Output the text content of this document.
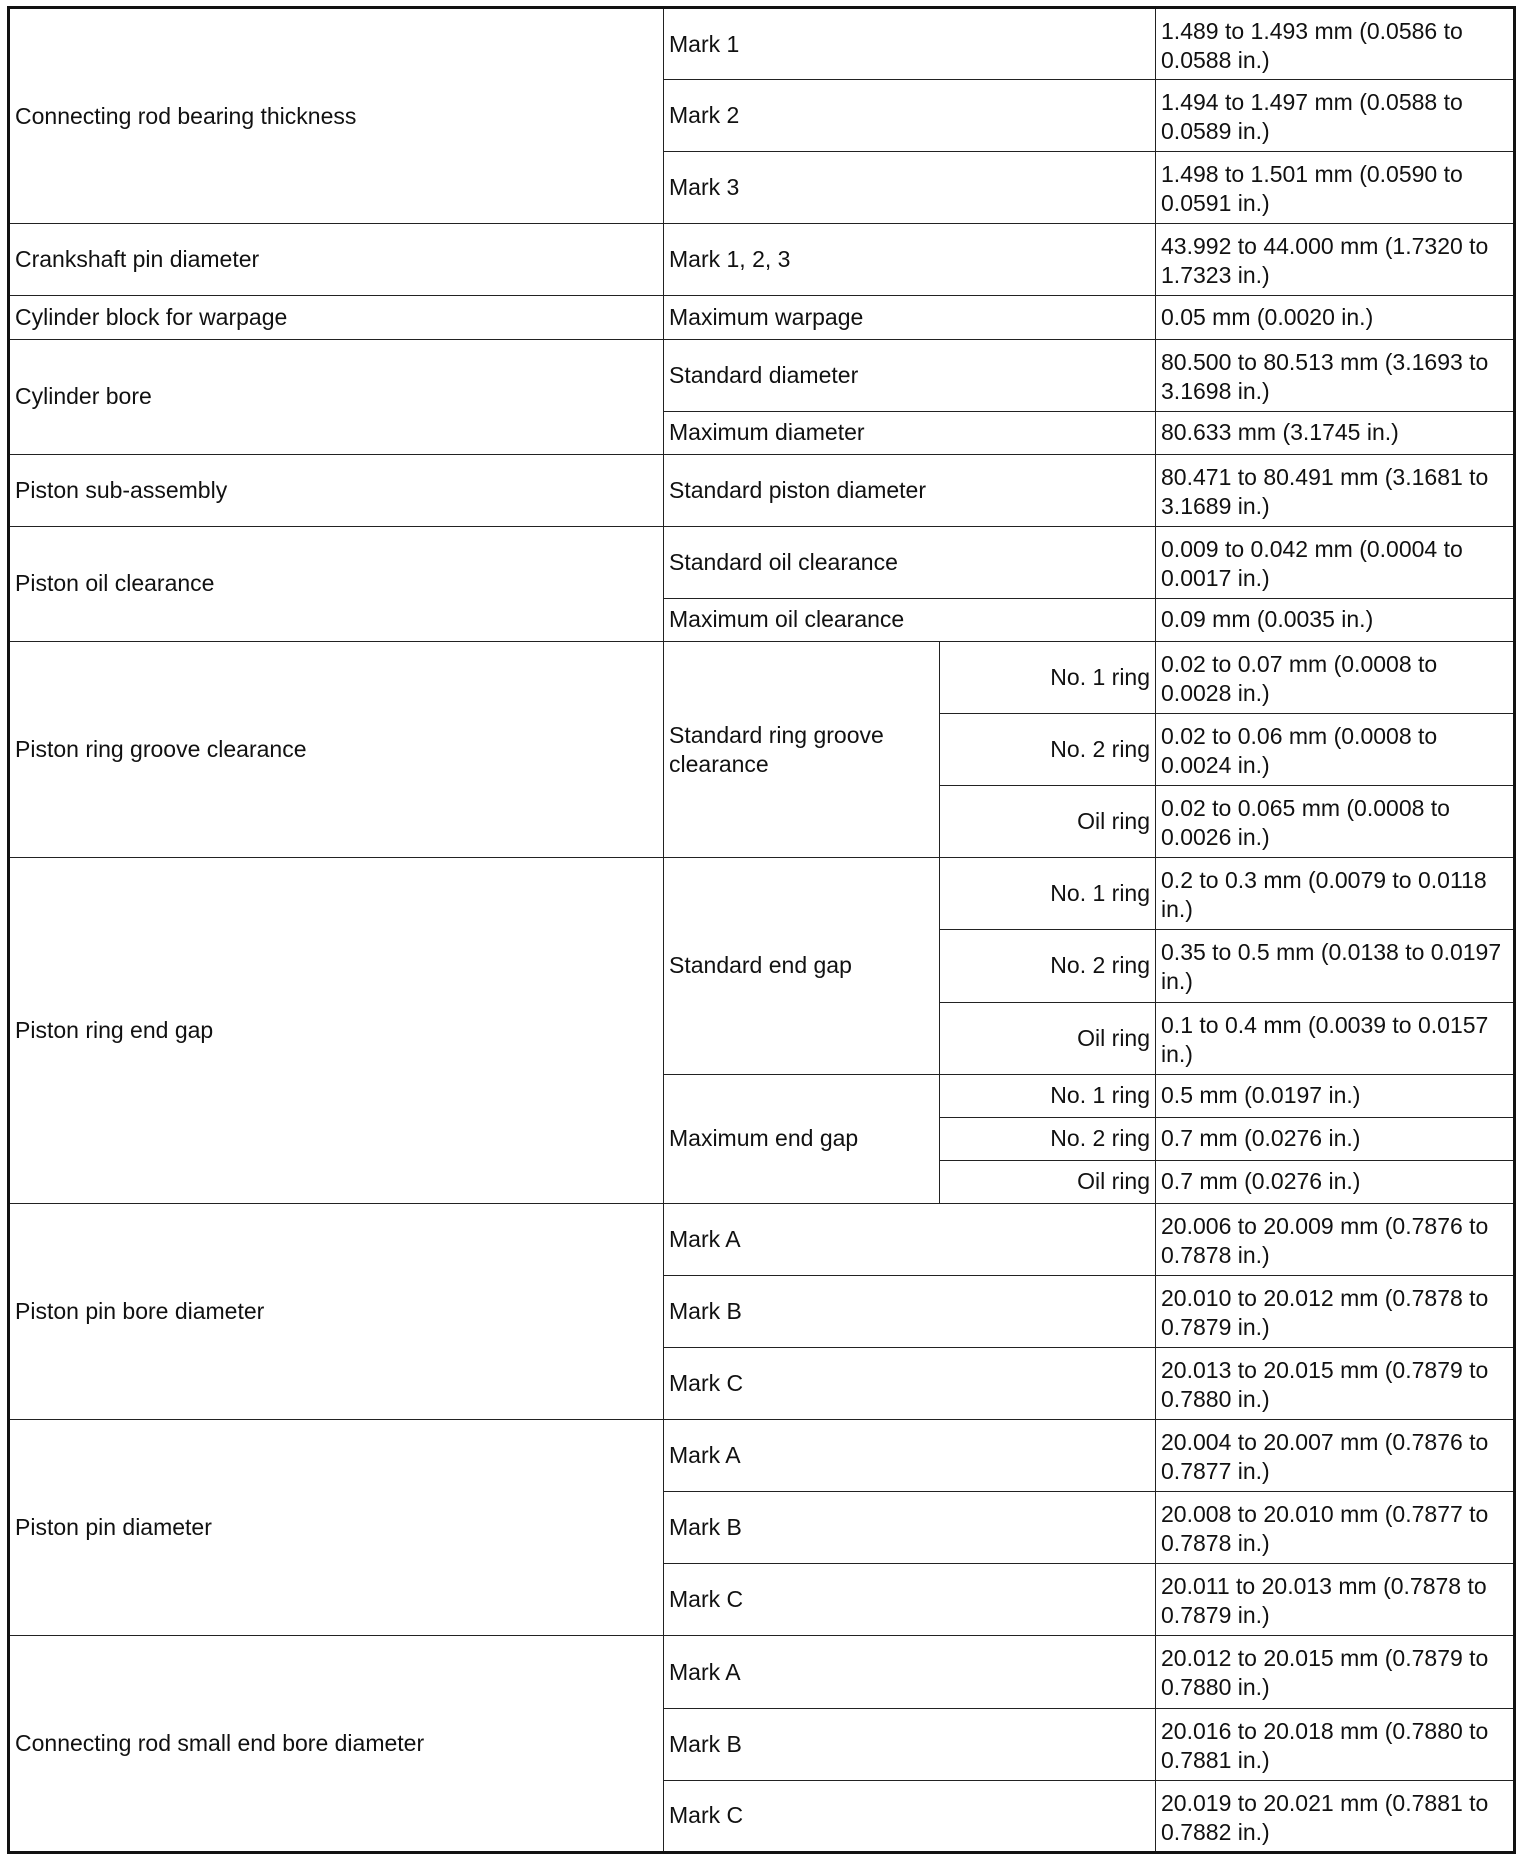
Connecting rod bearing thickness	Mark 1		1.489 to 1.493 mm (0.0586 to 0.0588 in.)
	Mark 2		1.494 to 1.497 mm (0.0588 to 0.0589 in.)
	Mark 3		1.498 to 1.501 mm (0.0590 to 0.0591 in.)
Crankshaft pin diameter	Mark 1, 2, 3		43.992 to 44.000 mm (1.7320 to 1.7323 in.)
Cylinder block for warpage	Maximum warpage		0.05 mm (0.0020 in.)
Cylinder bore	Standard diameter		80.500 to 80.513 mm (3.1693 to 3.1698 in.)
	Maximum diameter		80.633 mm (3.1745 in.)
Piston sub-assembly	Standard piston diameter		80.471 to 80.491 mm (3.1681 to 3.1689 in.)
Piston oil clearance	Standard oil clearance		0.009 to 0.042 mm (0.0004 to 0.0017 in.)
	Maximum oil clearance		0.09 mm (0.0035 in.)
Piston ring groove clearance	Standard ring groove clearance	No. 1 ring	0.02 to 0.07 mm (0.0008 to 0.0028 in.)
		No. 2 ring	0.02 to 0.06 mm (0.0008 to 0.0024 in.)
		Oil ring	0.02 to 0.065 mm (0.0008 to 0.0026 in.)
Piston ring end gap	Standard end gap	No. 1 ring	0.2 to 0.3 mm (0.0079 to 0.0118 in.)
		No. 2 ring	0.35 to 0.5 mm (0.0138 to 0.0197 in.)
		Oil ring	0.1 to 0.4 mm (0.0039 to 0.0157 in.)
	Maximum end gap	No. 1 ring	0.5 mm (0.0197 in.)
		No. 2 ring	0.7 mm (0.0276 in.)
		Oil ring	0.7 mm (0.0276 in.)
Piston pin bore diameter	Mark A		20.006 to 20.009 mm (0.7876 to 0.7878 in.)
	Mark B		20.010 to 20.012 mm (0.7878 to 0.7879 in.)
	Mark C		20.013 to 20.015 mm (0.7879 to 0.7880 in.)
Piston pin diameter	Mark A		20.004 to 20.007 mm (0.7876 to 0.7877 in.)
	Mark B		20.008 to 20.010 mm (0.7877 to 0.7878 in.)
	Mark C		20.011 to 20.013 mm (0.7878 to 0.7879 in.)
Connecting rod small end bore diameter	Mark A		20.012 to 20.015 mm (0.7879 to 0.7880 in.)
	Mark B		20.016 to 20.018 mm (0.7880 to 0.7881 in.)
	Mark C		20.019 to 20.021 mm (0.7881 to 0.7882 in.)
